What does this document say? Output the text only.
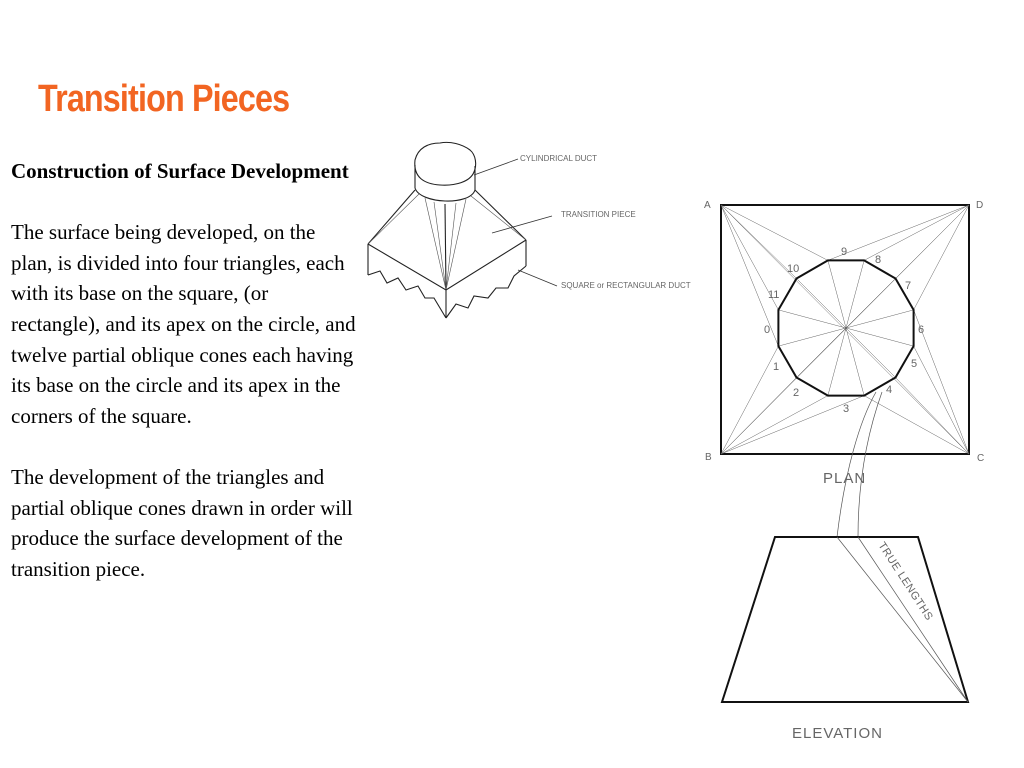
Transition Pieces
Construction of Surface Development

The surface being developed, on the plan, is divided into four triangles, each with its base on the square, (or rectangle), and its apex on the circle, and twelve partial oblique cones each having its base on the circle and its apex in the corners of the square.

The development of the triangles and partial oblique cones drawn in order will produce the surface development of the transition piece.

CYLINDRICAL DUCT
TRANSITION PIECE
SQUARE or RECTANGULAR DUCT
A	D
C
B
0
1
2
3
4
5
6
7
8
9
10
11
PLAN
TRUE LENGTHS
ELEVATION
